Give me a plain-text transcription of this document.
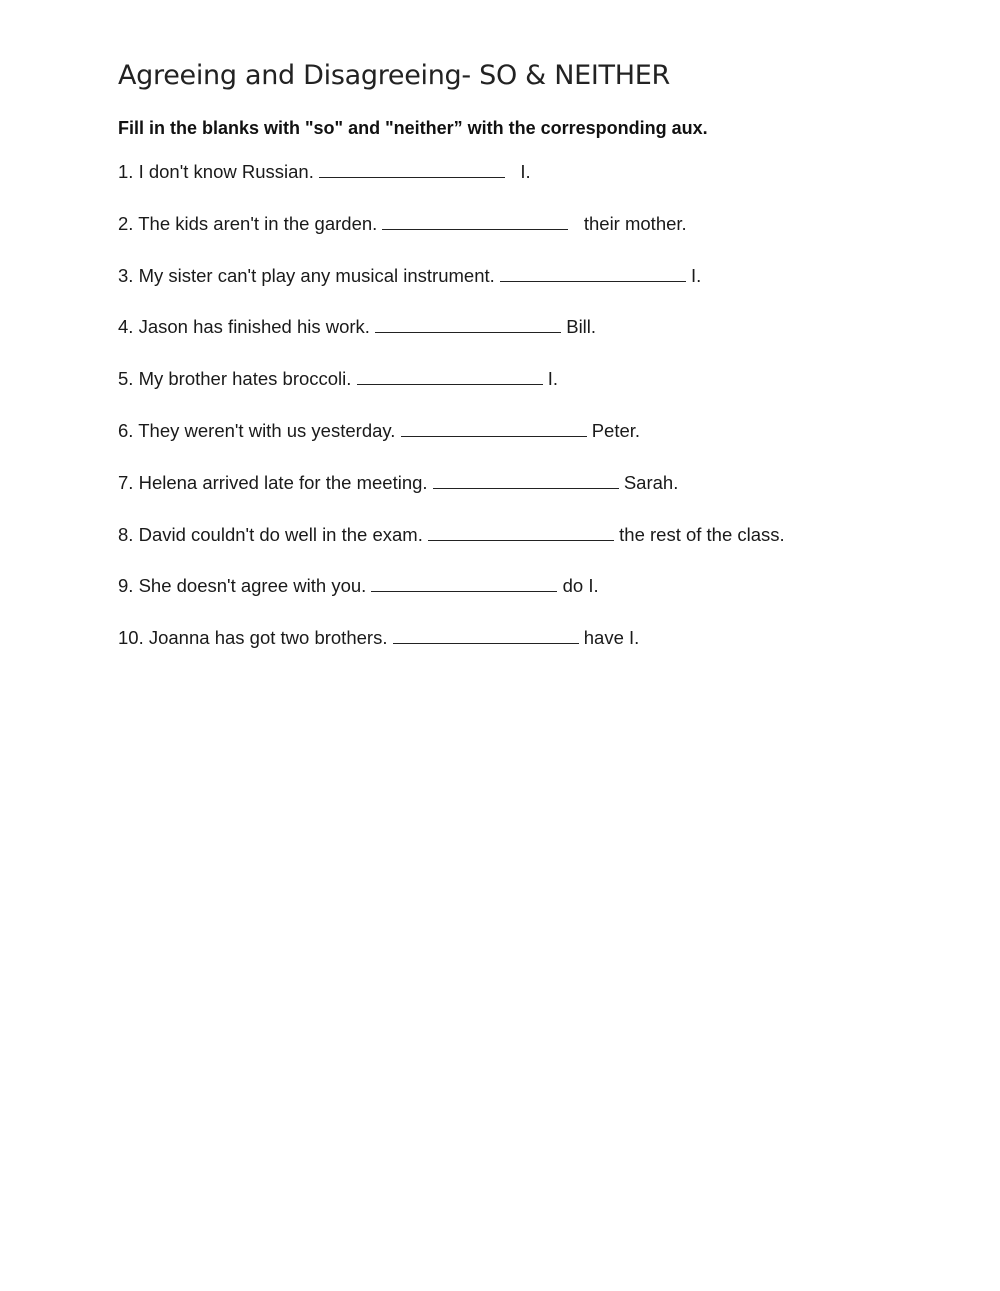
Agreeing and Disagreeing- SO & NEITHER

Fill in the blanks with "so" and "neither” with the corresponding aux.

1. I don't know Russian.	I.
2. The kids aren't in the garden.	their mother.
3. My sister can't play any musical instrument.	I.
4. Jason has finished his work.	Bill.
5. My brother hates broccoli.	I.
6. They weren't with us yesterday.	Peter.
7. Helena arrived late for the meeting.	Sarah.
8. David couldn't do well in the exam.	the rest of the class.
9. She doesn't agree with you.	do I.
10. Joanna has got two brothers.	have I.
